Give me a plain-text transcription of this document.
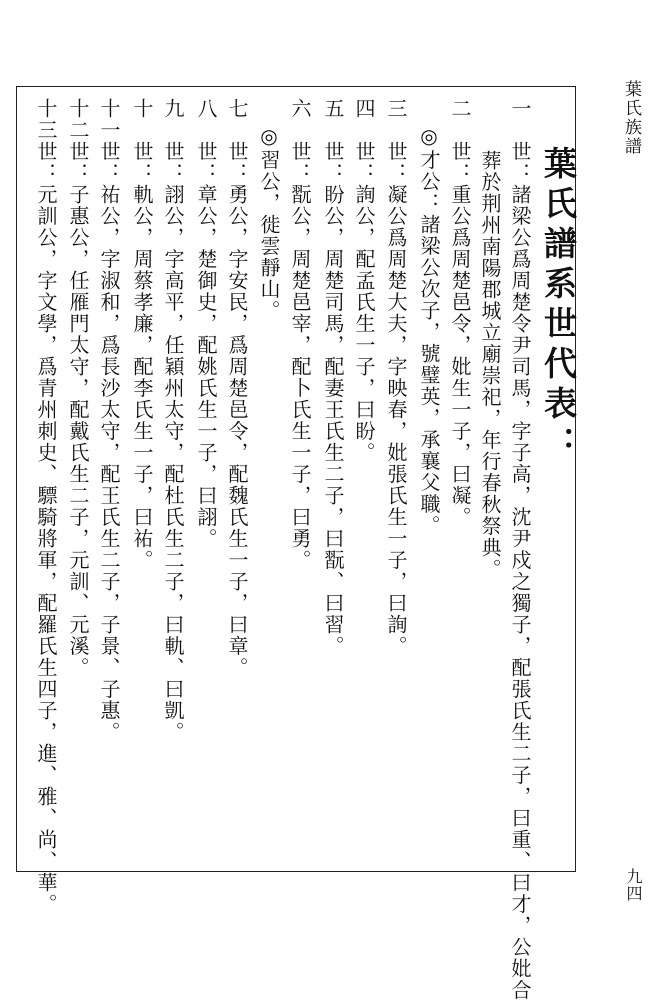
葉氏族譜
葉氏譜系世代表：
一　世：諸梁公爲周楚令尹司馬，字子高，沈尹戍之獨子，配張氏生二子，曰重、曰才，公妣合
葬於荆州南陽郡城立廟崇祀，年行春秋祭典。
二　世：重公爲周楚邑令，妣生一子，曰凝。
◎才公：諸梁公次子，號璧英，承襄父職。
三　世：凝公爲周楚大夫，字映春，妣張氏生一子，曰詢。
四　世：詢公，配孟氏生一子，曰盼。
五　世：盼公，周楚司馬，配妻王氏生二子，曰翫、曰習。
六　世：翫公，周楚邑宰，配卜氏生一子，曰勇。
◎習公，徙雲靜山。
七　世：勇公，字安民，爲周楚邑令，配魏氏生一子，曰章。
八　世：章公，楚御史，配姚氏生一子，曰詡。
九　世：詡公，字高平，任穎州太守，配杜氏生二子，曰軌、曰凱。
十　世：軌公，周蔡孝廉，配李氏生一子，曰祐。
十一世：祐公，字淑和，爲長沙太守，配王氏生二子，子景、子惠。
十二世：子惠公，任雁門太守，配戴氏生二子，元訓、元溪。
十三世：元訓公，字文學，爲青州刺史、驃騎將軍，配羅氏生四子，進、雅、尚、華。	九四
